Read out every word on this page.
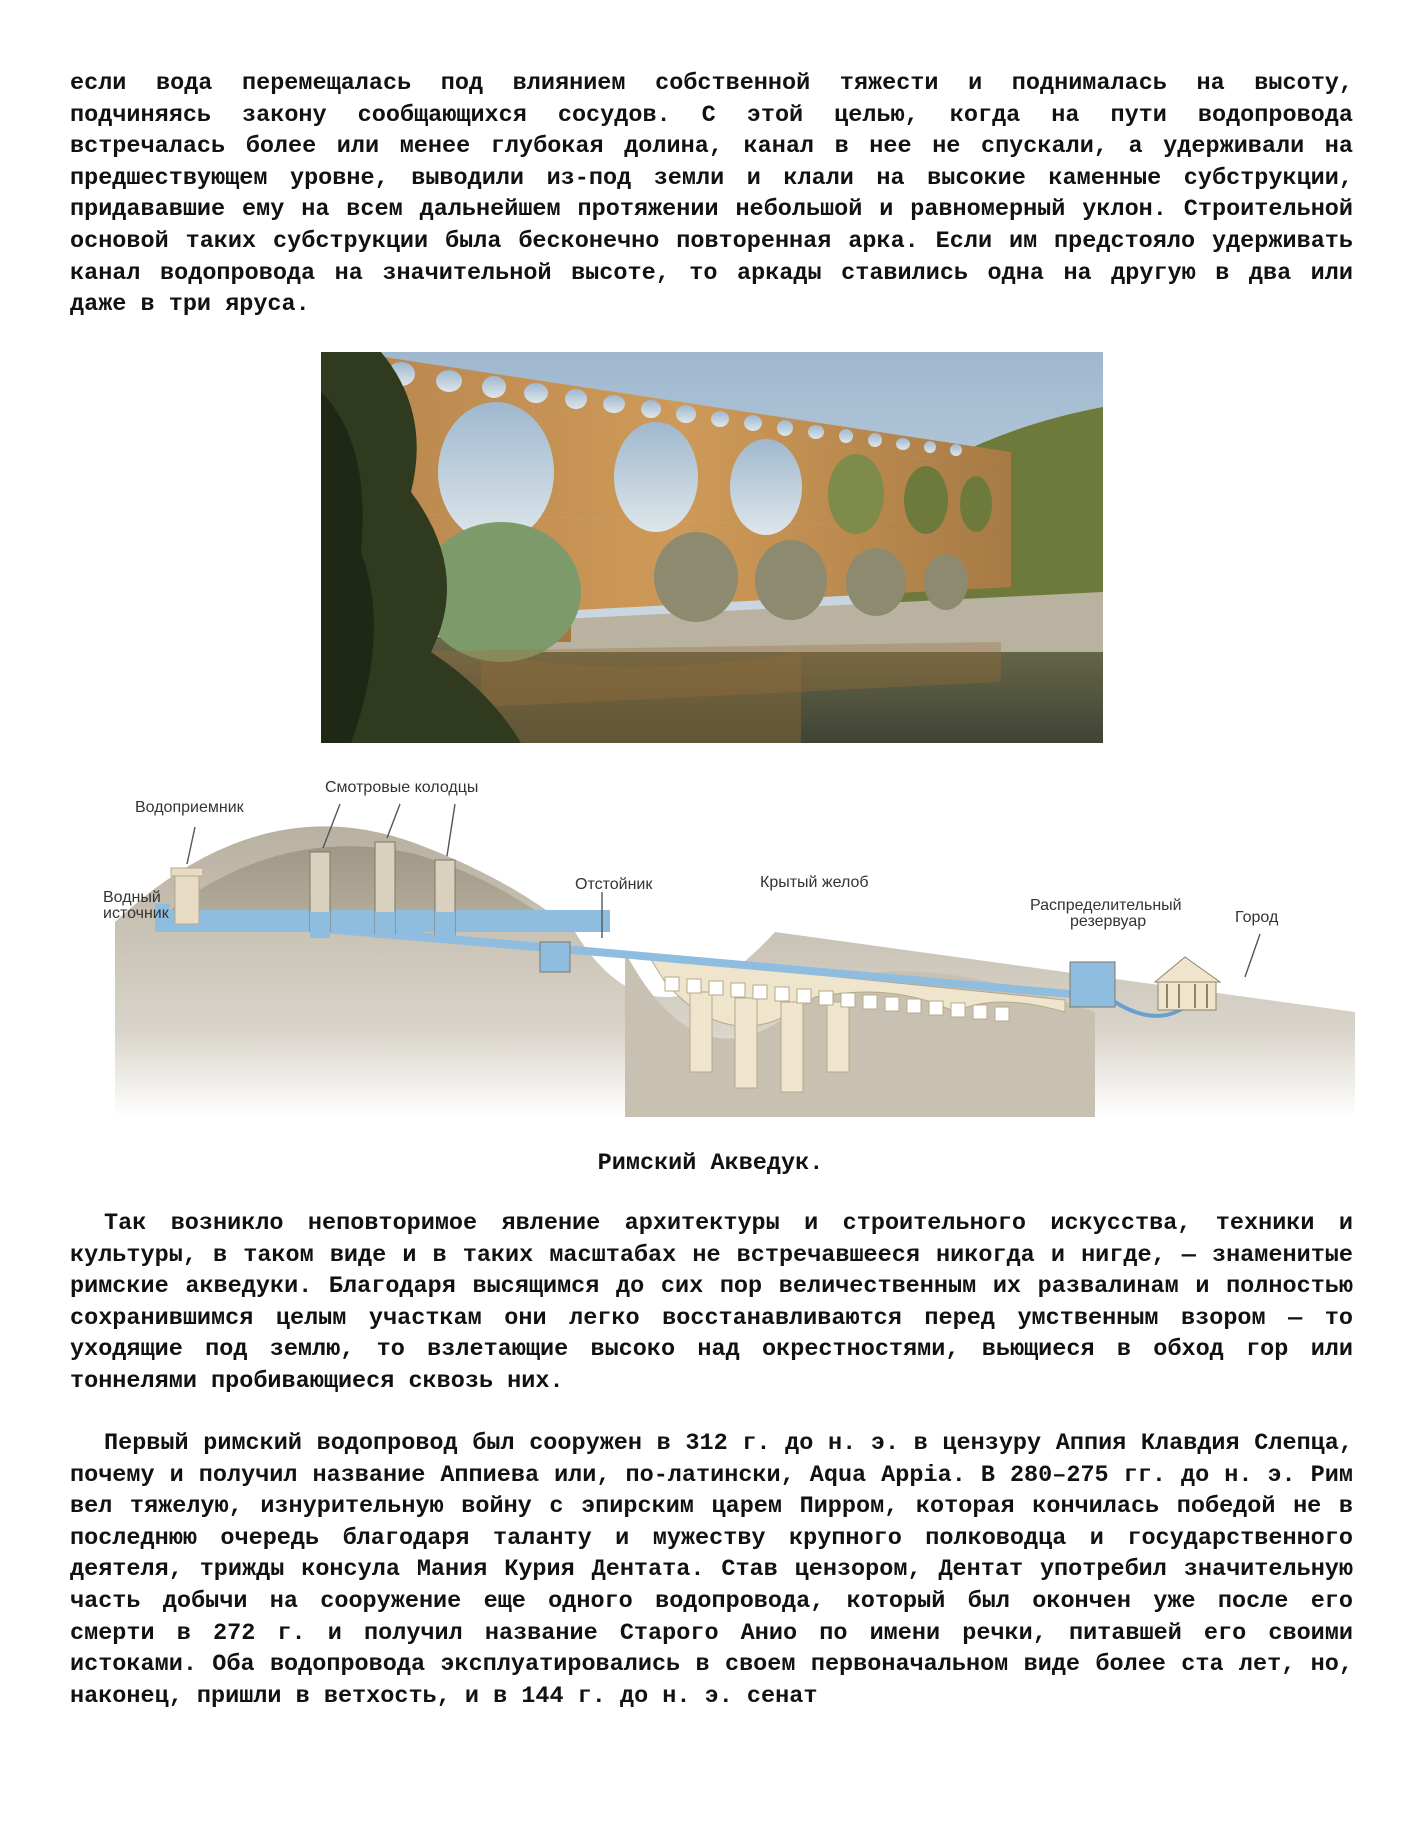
если вода перемещалась под влиянием собственной тяжести и поднималась на высоту, подчиняясь закону сообщающихся сосудов. С этой целью, когда на пути водопровода встречалась более или менее глубокая долина, канал в нее не спускали, а удерживали на предшествующем уровне, выводили из-под земли и клали на высокие каменные субструкции, придававшие ему на всем дальнейшем протяжении небольшой и равномерный уклон. Строительной основой таких субструкции была бесконечно повторенная арка. Если им предстояло удерживать канал водопровода на значительной высоте, то аркады ставились одна на другую в два или даже в три яруса.

Водоприемник
Смотровые колодцы
Водный
источник
Отстойник	Крытый желоб
Распределительный
резервуар	Город
Римский Акведук.

Так возникло неповторимое явление архитектуры и строительного искусства, техники и культуры, в таком виде и в таких масштабах не встречавшееся никогда и нигде, — знаменитые римские акведуки. Благодаря высящимся до сих пор величественным их развалинам и полностью сохранившимся целым участкам они легко восстанавливаются перед умственным взором — то уходящие под землю, то взлетающие высоко над окрестностями, вьющиеся в обход гор или тоннелями пробивающиеся сквозь них.

Первый римский водопровод был сооружен в 312 г. до н. э. в цензуру Аппия Клавдия Слепца, почему и получил название Аппиева или, по-латински, Aqua Appia. В 280–275 гг. до н. э. Рим вел тяжелую, изнурительную войну с эпирским царем Пирром, которая кончилась победой не в последнюю очередь благодаря таланту и мужеству крупного полководца и государственного деятеля, трижды консула Мания Курия Дентата. Став цензором, Дентат употребил значительную часть добычи на сооружение еще одного водопровода, который был окончен уже после его смерти в 272 г. и получил название Старого Анио по имени речки, питавшей его своими истоками. Оба водопровода эксплуатировались в своем первоначальном виде более ста лет, но, наконец, пришли в ветхость, и в 144 г. до н. э. сенат
